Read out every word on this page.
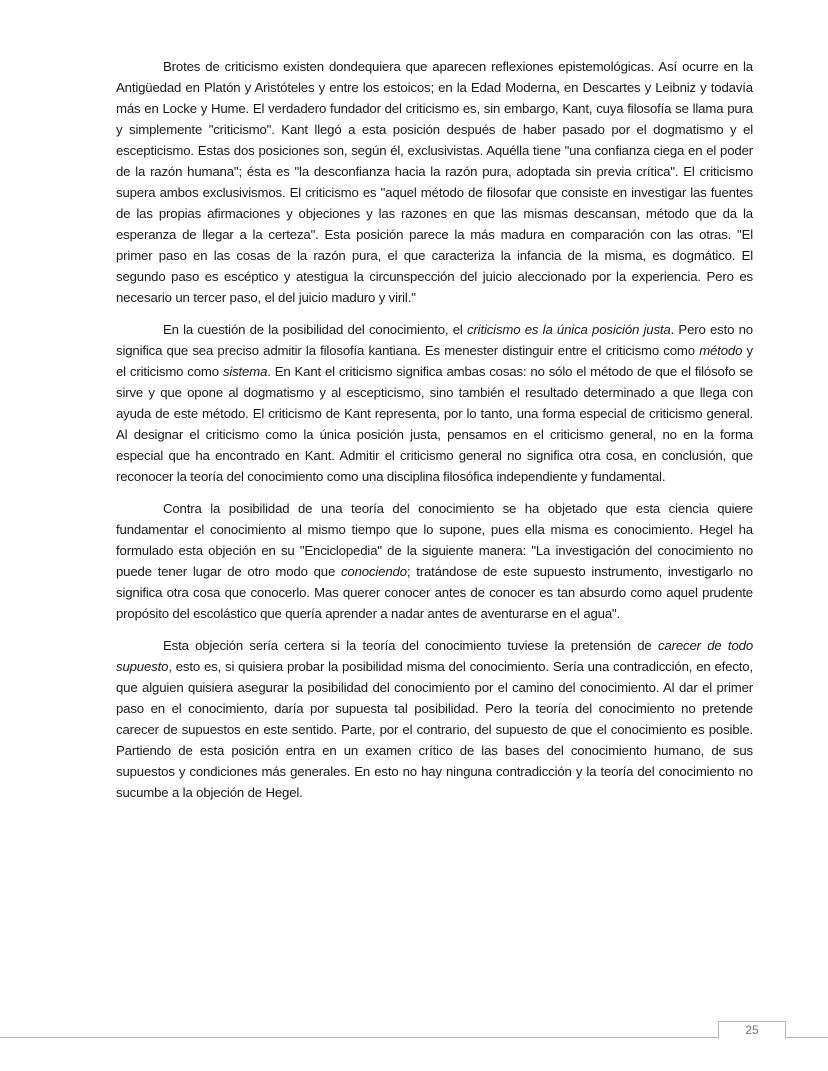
Brotes de criticismo existen dondequiera que aparecen reflexiones epistemológicas. Así ocurre en la Antigüedad en Platón y Aristóteles y entre los estoicos; en la Edad Moderna, en Descartes y Leibniz y todavía más en Locke y Hume. El verdadero fundador del criticismo es, sin embargo, Kant, cuya filosofía se llama pura y simplemente "criticismo". Kant llegó a esta posición después de haber pasado por el dogmatismo y el escepticismo. Estas dos posiciones son, según él, exclusivistas. Aquélla tiene "una confianza ciega en el poder de la razón humana"; ésta es "la desconfianza hacia la razón pura, adoptada sin previa crítica". El criticismo supera ambos exclusivismos. El criticismo es "aquel método de filosofar que consiste en investigar las fuentes de las propias afirmaciones y objeciones y las razones en que las mismas descansan, método que da la esperanza de llegar a la certeza". Esta posición parece la más madura en comparación con las otras. "El primer paso en las cosas de la razón pura, el que caracteriza la infancia de la misma, es dogmático. El segundo paso es escéptico y atestigua la circunspección del juicio aleccionado por la experiencia. Pero es necesario un tercer paso, el del juicio maduro y viril."

En la cuestión de la posibilidad del conocimiento, el criticismo es la única posición justa. Pero esto no significa que sea preciso admitir la filosofía kantiana. Es menester distinguir entre el criticismo como método y el criticismo como sistema. En Kant el criticismo significa ambas cosas: no sólo el método de que el filósofo se sirve y que opone al dogmatismo y al escepticismo, sino también el resultado determinado a que llega con ayuda de este método. El criticismo de Kant representa, por lo tanto, una forma especial de criticismo general. Al designar el criticismo como la única posición justa, pensamos en el criticismo general, no en la forma especial que ha encontrado en Kant. Admitir el criticismo general no significa otra cosa, en conclusión, que reconocer la teoría del conocimiento como una disciplina filosófica independiente y fundamental.

Contra la posibilidad de una teoría del conocimiento se ha objetado que esta ciencia quiere fundamentar el conocimiento al mismo tiempo que lo supone, pues ella misma es conocimiento. Hegel ha formulado esta objeción en su "Enciclopedia" de la siguiente manera: "La investigación del conocimiento no puede tener lugar de otro modo que conociendo; tratándose de este supuesto instrumento, investigarlo no significa otra cosa que conocerlo. Mas querer conocer antes de conocer es tan absurdo como aquel prudente propósito del escolástico que quería aprender a nadar antes de aventurarse en el agua".

Esta objeción sería certera si la teoría del conocimiento tuviese la pretensión de carecer de todo supuesto, esto es, si quisiera probar la posibilidad misma del conocimiento. Sería una contradicción, en efecto, que alguien quisiera asegurar la posibilidad del conocimiento por el camino del conocimiento. Al dar el primer paso en el conocimiento, daría por supuesta tal posibilidad. Pero la teoría del conocimiento no pretende carecer de supuestos en este sentido. Parte, por el contrario, del supuesto de que el conocimiento es posible. Partiendo de esta posición entra en un examen crítico de las bases del conocimiento humano, de sus supuestos y condiciones más generales. En esto no hay ninguna contradicción y la teoría del conocimiento no sucumbe a la objeción de Hegel.

25
